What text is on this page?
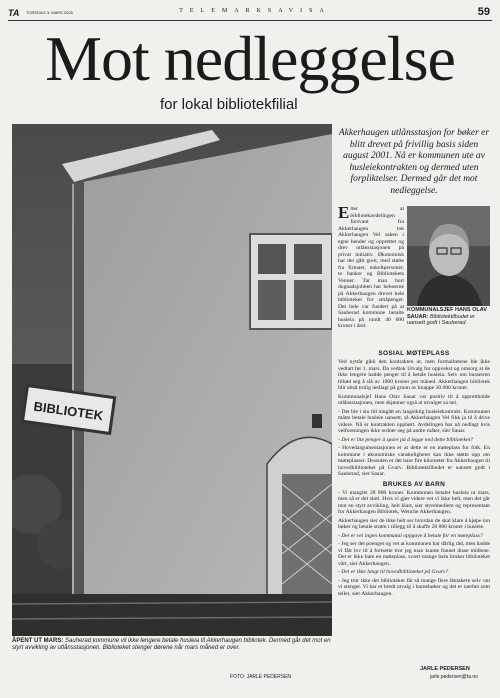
TA TORSDAG 3. MARS 2005	TELEMARKSAVISA	59
Mot nedleggelse
for lokal bibliotekfilial
BIBLIOTEK
ÅPENT UT MARS: Sauherad kommune vil ikke lengere betale husleia til Akkerhaugen bibliotek. Dermed går det mot en styrt avvikling av utlånsstasjonen. Biblioteket stenger dørene når mars måned er over.
FOTO: JARLE PEDERSEN
Akkerhaugen utlånsstasjon for bøker er blitt drevet på frivillig basis siden august 2001. Nå er kommunen ute av husleiekontrakten og dermed uten forpliktelser. Dermed går det mot nedleggelse.
Etter at bibliotekavdelingen forsvant fra Akkerhaugen tok Akkerhaugen Vel saken i egne hender og opprettet og drev utlånsstasjonen på privat initiativ. Økonomisk har det gått greit, med støtte fra firmaer, enkeltpersoner, to banker og Bibliotekets Venner. Tar man bort dugnadsjobben har beboerne på Akkerhaugen drevet hele biblioteket for småpenger. Det hele var fundert på at Sauherad kommune betalte husleia på rundt 40 000 kroner i året.
KOMMUNALSJEF HANS OLAV SAUAR: Bibliotektilbudet er uansett godt i Sauherad.
SOSIAL MØTEPLASS

Ved nyttår gikk den kontrakten ut, men formalitetene ble ikke vedtatt før 1. mars. Da vedtok Utvalg for oppvekst og omsorg at de ikke lengere hadde penger til å betale husleia. Selv om busseiren tilbød seg å slå av 1000 kroner per måned. Akkerhaugen bibliotek blir altså trolig nedlagt på grunn av knappe 30 000 kroner.

Kommunalsjef Hans Olav Sauar var positiv til å opprettholde utlånsstasjonen, men skjønner også at utvalget sa nei.

- Det ble i sin tid inngått en langsiktig husleiekontrakt. Kommunen måtte betale husleie uansett, så Akkerhaugen Vel fikk ja til å drive videre. Nå er kontrakten opphørt. Avdelingen har nå nedlagt hvis velforeningen ikke ordner seg på andre måter, sier Sauar.

- Det er lite penger å spare på å legge ned dette biblioteket?

- Hovedargumentasjonen er at dette er en møteplass for folk. En kommune i økonomiske vanskeligheter kan ikke støtte opp om møteplasser. Dessuten er det bare fire kilometer fra Akkerhaugen til hovedbiblioteket på Gvarv. Bibliotektilbudet er uansett godt i Sauherad, sier Sauar.

BRUKES AV BARN

- Vi manglet 28 800 kroner. Kommunen betaler husleia ut mars, men så er det slutt. Hvis vi gjør videre vet vi ikke helt, men det går mot en styrt avvikling, helt klart, sier styremedlem og representant for Akkerhaugen Bibliotek, Wenche Akkerhaugen.

Akkerhaugen sier de ikke helt ser hvordan de skal klare å kjøpe inn bøker og betale strøm i tillegg til å skaffe 28 800 kroner i husleie.

- Det er vel ingen kommunal oppgave å betale for en møteplass?

- Jeg ser det poenget og vet at kommunen har dårlig råd, men hadde vi fått lov til å fortsette tror jeg man kunne funnet disse midlene. Det er ikke bare en møteplass, svært mange barn bruker biblioteket vårt, sier Akkerhaugen.

- Det er ikke langt til hovedbiblioteket på Gvarv?

- Jeg tror ikke det biblioteket får så mange flere låntakere selv om vi stenger. Vi har et bredt utvalg i barnebøker og det er nærhet som teller, sier Akkerhaugen.

JARLE PEDERSEN
jarle.pedersen@ta.no
